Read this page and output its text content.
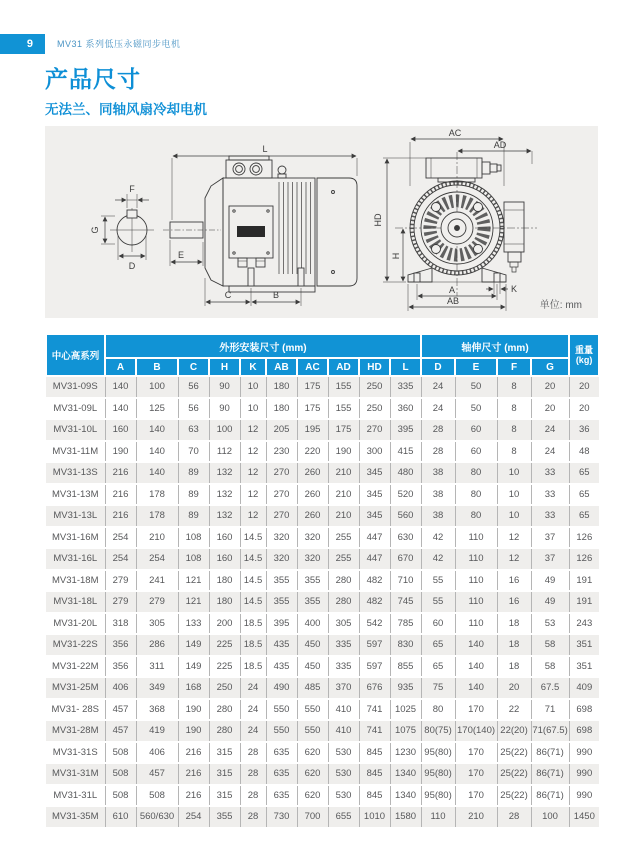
9	MV31 系列低压永磁同步电机
产品尺寸
无法兰、同轴风扇冷却电机
F
G
D
L
E
C	B
AC
AD
HD
H
K
A
AB	单位: mm
中心高系列	外形安装尺寸 (mm)										轴伸尺寸 (mm)				重量
(kg)

	A	B	C	H	K	AB	AC	AD	HD	L	D	E	F	G	
MV31-09S	140	100	56	90	10	180	175	155	250	335	24	50	8	20	20
MV31-09L	140	125	56	90	10	180	175	155	250	360	24	50	8	20	20
MV31-10L	160	140	63	100	12	205	195	175	270	395	28	60	8	24	36
MV31-11M	190	140	70	112	12	230	220	190	300	415	28	60	8	24	48
MV31-13S	216	140	89	132	12	270	260	210	345	480	38	80	10	33	65
MV31-13M	216	178	89	132	12	270	260	210	345	520	38	80	10	33	65
MV31-13L	216	178	89	132	12	270	260	210	345	560	38	80	10	33	65
MV31-16M	254	210	108	160	14.5	320	320	255	447	630	42	110	12	37	126
MV31-16L	254	254	108	160	14.5	320	320	255	447	670	42	110	12	37	126
MV31-18M	279	241	121	180	14.5	355	355	280	482	710	55	110	16	49	191
MV31-18L	279	279	121	180	14.5	355	355	280	482	745	55	110	16	49	191
MV31-20L	318	305	133	200	18.5	395	400	305	542	785	60	110	18	53	243
MV31-22S	356	286	149	225	18.5	435	450	335	597	830	65	140	18	58	351
MV31-22M	356	311	149	225	18.5	435	450	335	597	855	65	140	18	58	351
MV31-25M	406	349	168	250	24	490	485	370	676	935	75	140	20	67.5	409
MV31- 28S	457	368	190	280	24	550	550	410	741	1025	80	170	22	71	698
MV31-28M	457	419	190	280	24	550	550	410	741	1075	80(75)	170(140)	22(20)	71(67.5)	698
MV31-31S	508	406	216	315	28	635	620	530	845	1230	95(80)	170	25(22)	86(71)	990
MV31-31M	508	457	216	315	28	635	620	530	845	1340	95(80)	170	25(22)	86(71)	990
MV31-31L	508	508	216	315	28	635	620	530	845	1340	95(80)	170	25(22)	86(71)	990
MV31-35M	610	560/630	254	355	28	730	700	655	1010	1580	110	210	28	100	1450
